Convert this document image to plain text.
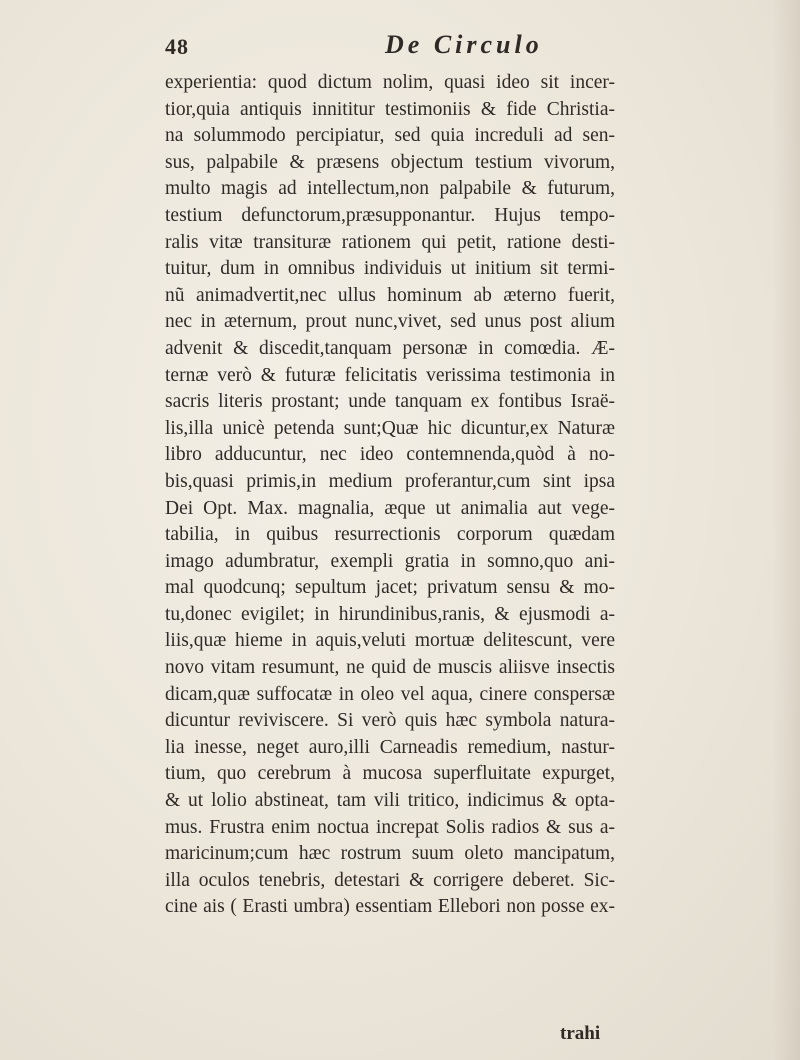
48	De Circulo
experientia: quod dictum nolim, quasi ideo sit incer-
tior,quia antiquis innititur testimoniis & fide Christia-
na solummodo percipiatur, sed quia increduli ad sen-
sus, palpabile & præsens objectum testium vivorum,
multo magis ad intellectum,non palpabile & futurum,
testium defunctorum,præsupponantur. Hujus tempo-
ralis vitæ transituræ rationem qui petit, ratione desti-
tuitur, dum in omnibus individuis ut initium sit termi-
nũ animadvertit,nec ullus hominum ab æterno fuerit,
nec in æternum, prout nunc,vivet, sed unus post alium
advenit & discedit,tanquam personæ in comœdia. Æ-
ternæ verò & futuræ felicitatis verissima testimonia in
sacris literis prostant; unde tanquam ex fontibus Israë-
lis,illa unicè petenda sunt;Quæ hic dicuntur,ex Naturæ
libro adducuntur, nec ideo contemnenda,quòd à no-
bis,quasi primis,in medium proferantur,cum sint ipsa
Dei Opt. Max. magnalia, æque ut animalia aut vege-
tabilia, in quibus resurrectionis corporum quædam
imago adumbratur, exempli gratia in somno,quo ani-
mal quodcunq; sepultum jacet; privatum sensu & mo-
tu,donec evigilet; in hirundinibus,ranis, & ejusmodi a-
liis,quæ hieme in aquis,veluti mortuæ delitescunt, vere
novo vitam resumunt, ne quid de muscis aliisve insectis
dicam,quæ suffocatæ in oleo vel aqua, cinere conspersæ
dicuntur reviviscere. Si verò quis hæc symbola natura-
lia inesse, neget auro,illi Carneadis remedium, nastur-
tium, quo cerebrum à mucosa superfluitate expurget,
& ut lolio abstineat, tam vili tritico, indicimus & opta-
mus. Frustra enim noctua increpat Solis radios & sus a-
maricinum;cum hæc rostrum suum oleto mancipatum,
illa oculos tenebris, detestari & corrigere deberet. Sic-
cine ais ( Erasti umbra) essentiam Ellebori non posse ex-
trahi
